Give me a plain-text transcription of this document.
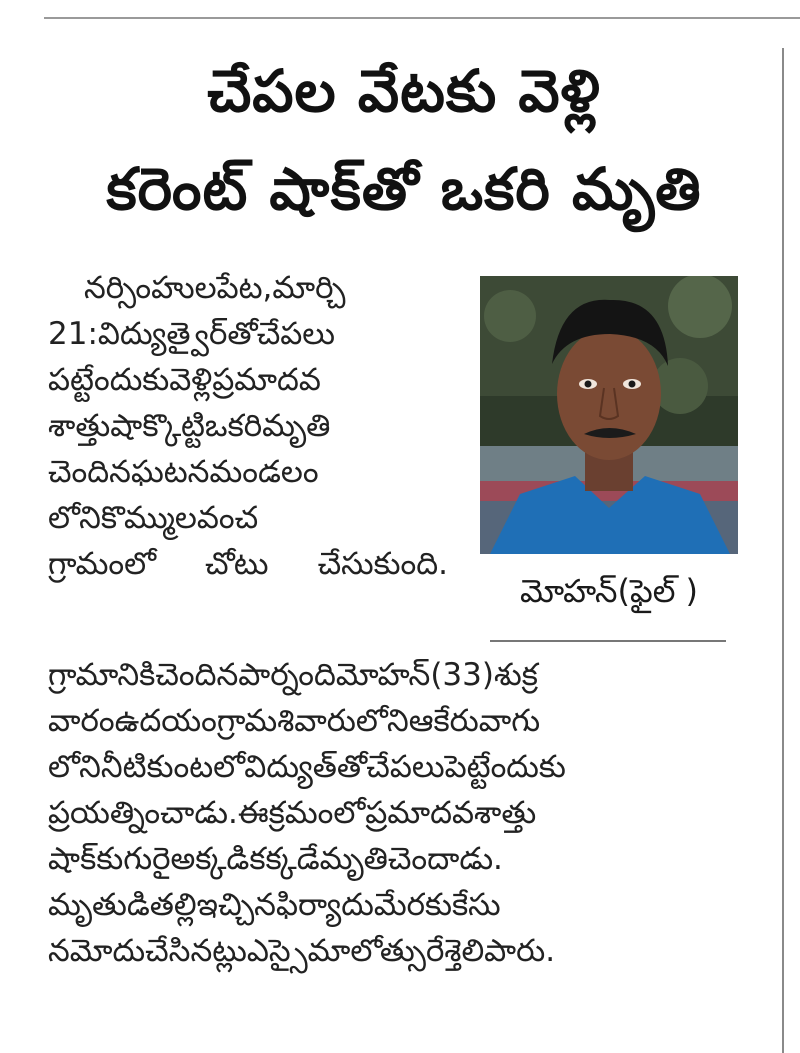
చేపల వేటకు వెళ్లి
కరెంట్ షాక్‌తో ఒకరి మృతి
నర్సింహులపేట,మార్చి
21:విద్యుత్వైర్‌తోచేపలు
పట్టేందుకువెళ్లిప్రమాదవ
శాత్తుషాక్కొట్టిఒకరిమృతి
చెందినఘటనమండలం
లోనికొమ్ములవంచ
గ్రామంలో చోటు చేసుకుంది.
మోహన్(ఫైల్ )
గ్రామానికిచెందినపార్నందిమోహన్(33)శుక్ర
వారంఉదయంగ్రామశివారులోనిఆకేరువాగు
లోనినీటికుంటలోవిద్యుత్‌తోచేపలుపెట్టేందుకు
ప్రయత్నించాడు.ఈక్రమంలోప్రమాదవశాత్తు
షాక్‌కుగురైఅక్కడికక్కడేమృతిచెందాడు.
మృతుడితల్లిఇచ్చినఫిర్యాదుమేరకుకేసు
నమోదుచేసినట్లుఎస్సైమాలోత్సురేశ్తెలిపారు.
